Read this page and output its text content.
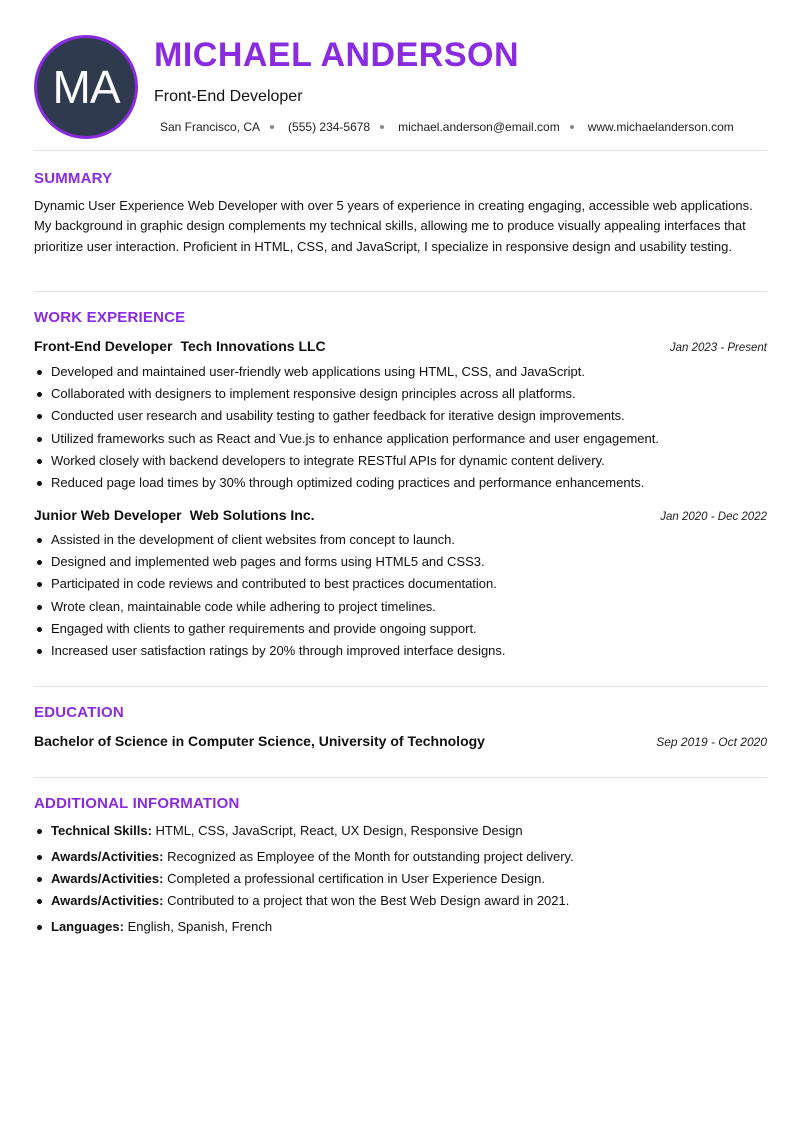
MA
MICHAEL ANDERSON
Front-End Developer
San Francisco, CA (555) 234-5678 michael.anderson@email.com www.michaelanderson.com
SUMMARY
Dynamic User Experience Web Developer with over 5 years of experience in creating engaging, accessible web applications. My background in graphic design complements my technical skills, allowing me to produce visually appealing interfaces that prioritize user interaction. Proficient in HTML, CSS, and JavaScript, I specialize in responsive design and usability testing.
WORK EXPERIENCE
Front-End Developer Tech Innovations LLC	Jan 2023 - Present
Developed and maintained user-friendly web applications using HTML, CSS, and JavaScript.
Collaborated with designers to implement responsive design principles across all platforms.
Conducted user research and usability testing to gather feedback for iterative design improvements.
Utilized frameworks such as React and Vue.js to enhance application performance and user engagement.
Worked closely with backend developers to integrate RESTful APIs for dynamic content delivery.
Reduced page load times by 30% through optimized coding practices and performance enhancements.
Junior Web Developer Web Solutions Inc.	Jan 2020 - Dec 2022
Assisted in the development of client websites from concept to launch.
Designed and implemented web pages and forms using HTML5 and CSS3.
Participated in code reviews and contributed to best practices documentation.
Wrote clean, maintainable code while adhering to project timelines.
Engaged with clients to gather requirements and provide ongoing support.
Increased user satisfaction ratings by 20% through improved interface designs.
EDUCATION
Bachelor of Science in Computer Science, University of Technology	Sep 2019 - Oct 2020
ADDITIONAL INFORMATION
Technical Skills: HTML, CSS, JavaScript, React, UX Design, Responsive Design
Awards/Activities: Recognized as Employee of the Month for outstanding project delivery.
Awards/Activities: Completed a professional certification in User Experience Design.
Awards/Activities: Contributed to a project that won the Best Web Design award in 2021.
Languages: English, Spanish, French
